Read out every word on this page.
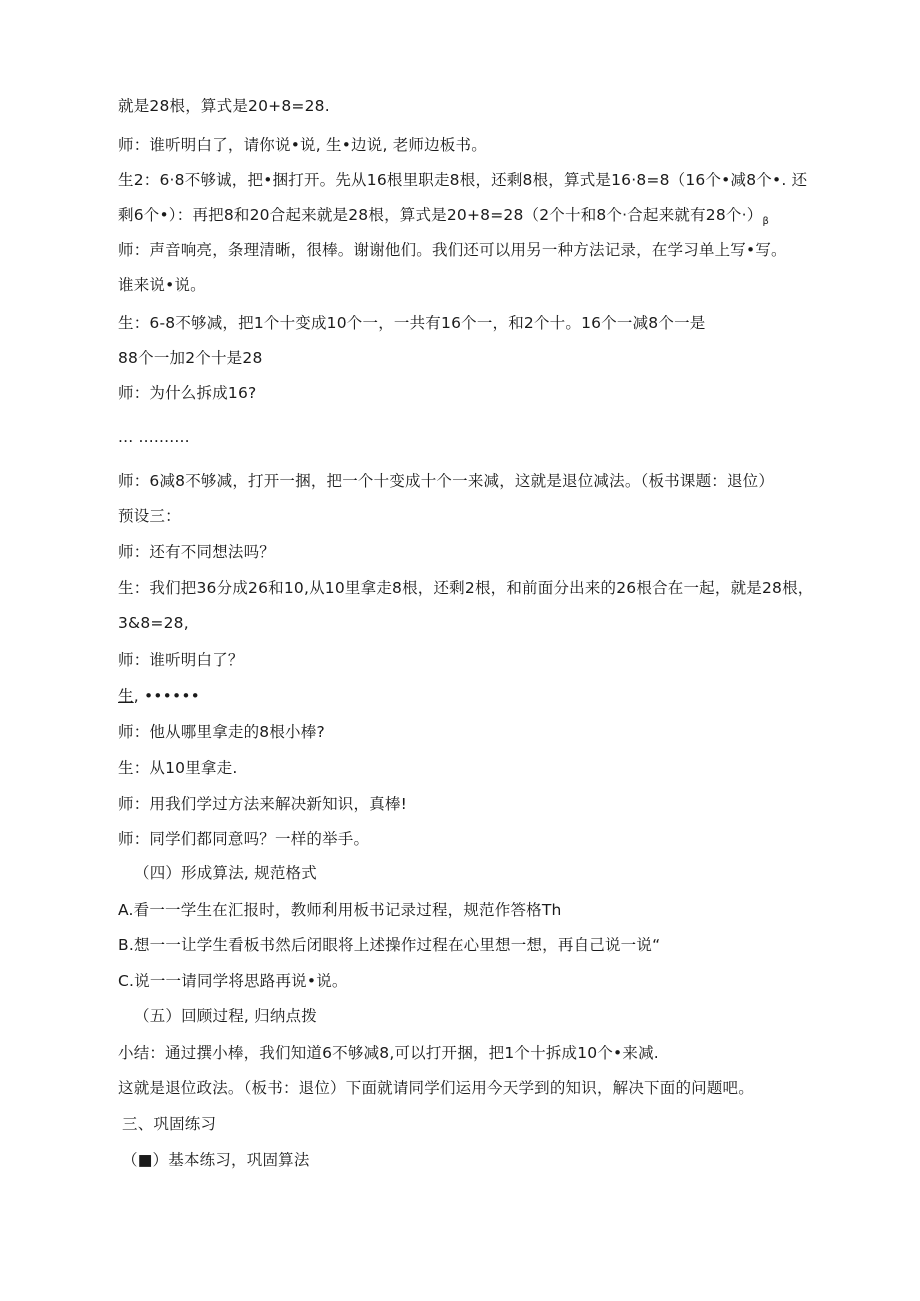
就是28根，算式是20+8=28.
师：谁听明白了，请你说•说, 生•边说, 老师边板书。
生2：6·8不够诚，把•捆打开。先从16根里职走8根，还剩8根，算式是16·8=8（16个•减8个•. 还
剩6个•）：再把8和20合起来就是28根，算式是20+8=28（2个十和8个·合起来就有28个$\cdot)_\beta$
师：声音响亮，条理清晰，很棒。谢谢他们。我们还可以用另一种方法记录，在学习单上写•写。
谁来说•说。
生：6-8不够减，把1个十变成10个一，一共有16个一，和2个十。16个一减8个一是
88个一加2个十是28
师：为什么拆成16?
... ..........
师：6减8不够减，打开一捆，把一个十变成十个一来减，这就是退位减法。（板书课题：退位）
预设三：
师：还有不同想法吗？
生：我们把36分成26和10,从10里拿走8根，还剩2根，和前面分出来的26根合在一起，就是28根，
3&8=28,
师：谁听明白了？
生, ••••••
师：他从哪里拿走的8根小棒?
生：从10里拿走.
师：用我们学过方法来解决新知识，真棒!
师：同学们都同意吗？一样的举手。
（四）形成算法, 规范格式
A.看一一学生在汇报时，教师利用板书记录过程，规范作答格Th
B.想一一让学生看板书然后闭眼将上述操作过程在心里想一想，再自己说一说“
C.说一一请同学将思路再说•说。
（五）回顾过程, 归纳点拨
小结：通过撰小棒，我们知道6不够减8,可以打开捆，把1个十拆成10个•来减.
这就是退位政法。（板书：退位）下面就请同学们运用今天学到的知识，解决下面的问题吧。
三、巩固练习
（■）基本练习，巩固算法
